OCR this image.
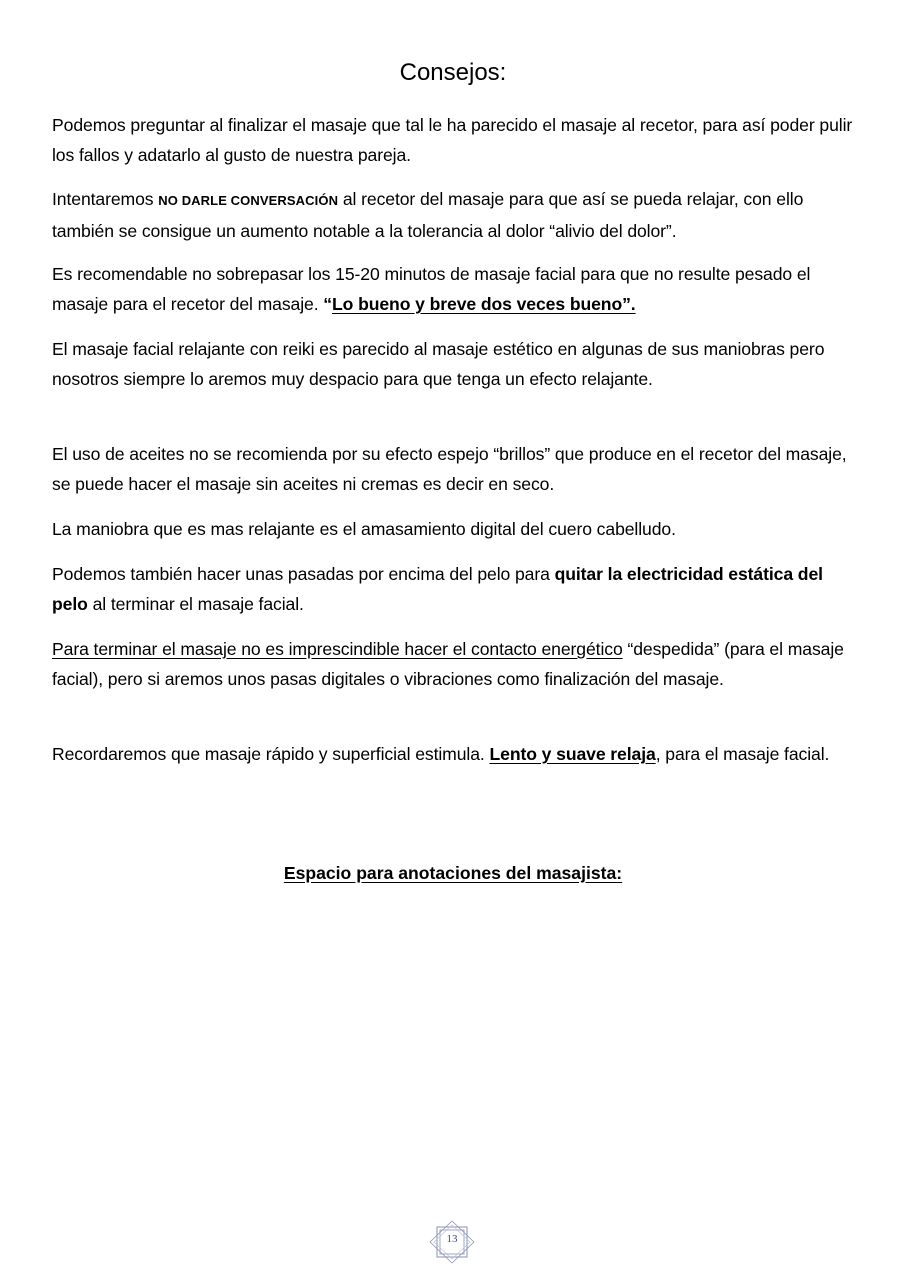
Consejos:

Podemos preguntar al finalizar el masaje que tal le ha parecido el masaje al recetor, para así poder pulir los fallos y adatarlo al gusto de nuestra pareja.

Intentaremos NO DARLE CONVERSACIÓN al recetor del masaje para que así se pueda relajar, con ello también se consigue un aumento notable a la tolerancia al dolor “alivio del dolor”.

Es recomendable no sobrepasar los 15-20 minutos de masaje facial para que no resulte pesado el masaje para el recetor del masaje. “Lo bueno y breve dos veces bueno”.

El masaje facial relajante con reiki es parecido al masaje estético en algunas de sus maniobras pero nosotros siempre lo aremos muy despacio para que tenga un efecto relajante.

El uso de aceites no se recomienda por su efecto espejo “brillos” que produce en el recetor del masaje, se puede hacer el masaje sin aceites ni cremas es decir en seco.

La maniobra que es mas relajante es el amasamiento digital del cuero cabelludo.

Podemos también hacer unas pasadas por encima del pelo para quitar la electricidad estática del pelo al terminar el masaje facial.

Para terminar el masaje no es imprescindible hacer el contacto energético “despedida” (para el masaje facial), pero si aremos unos pasas digitales o vibraciones como finalización del masaje.

Recordaremos que masaje rápido y superficial estimula. Lento y suave relaja, para el masaje facial.

Espacio para anotaciones del masajista:
13
